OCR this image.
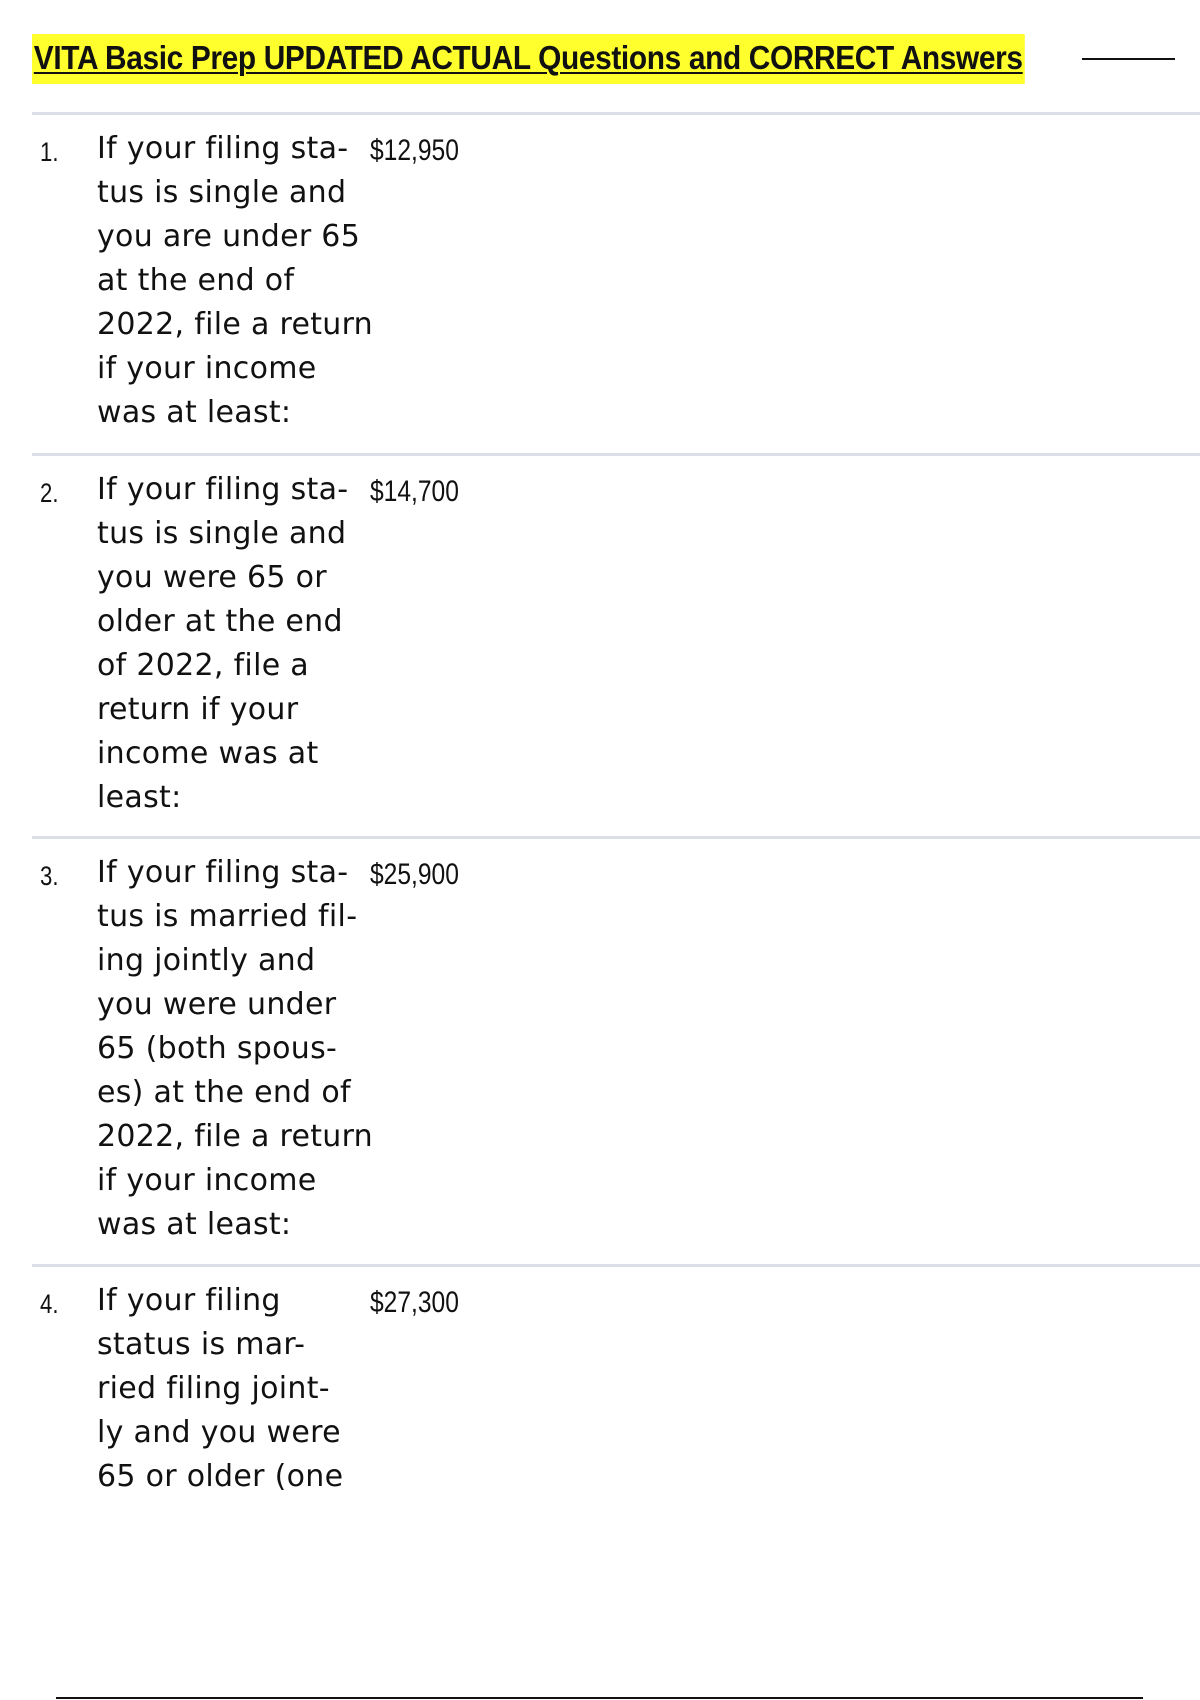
VITA Basic Prep UPDATED ACTUAL Questions and CORRECT Answers
1. If your filing sta-
tus is single and
you are under 65
at the end of
2022, file a return
if your income
was at least:
$12,950
2. If your filing sta-
tus is single and
you were 65 or
older at the end
of 2022, file a
return if your
income was at
least:
$14,700
3. If your filing sta-
tus is married fil-
ing jointly and
you were under
65 (both spous-
es) at the end of
2022, file a return
if your income
was at least:
$25,900
4. If your filing
status is mar-
ried filing joint-
ly and you were
65 or older (one
$27,300
